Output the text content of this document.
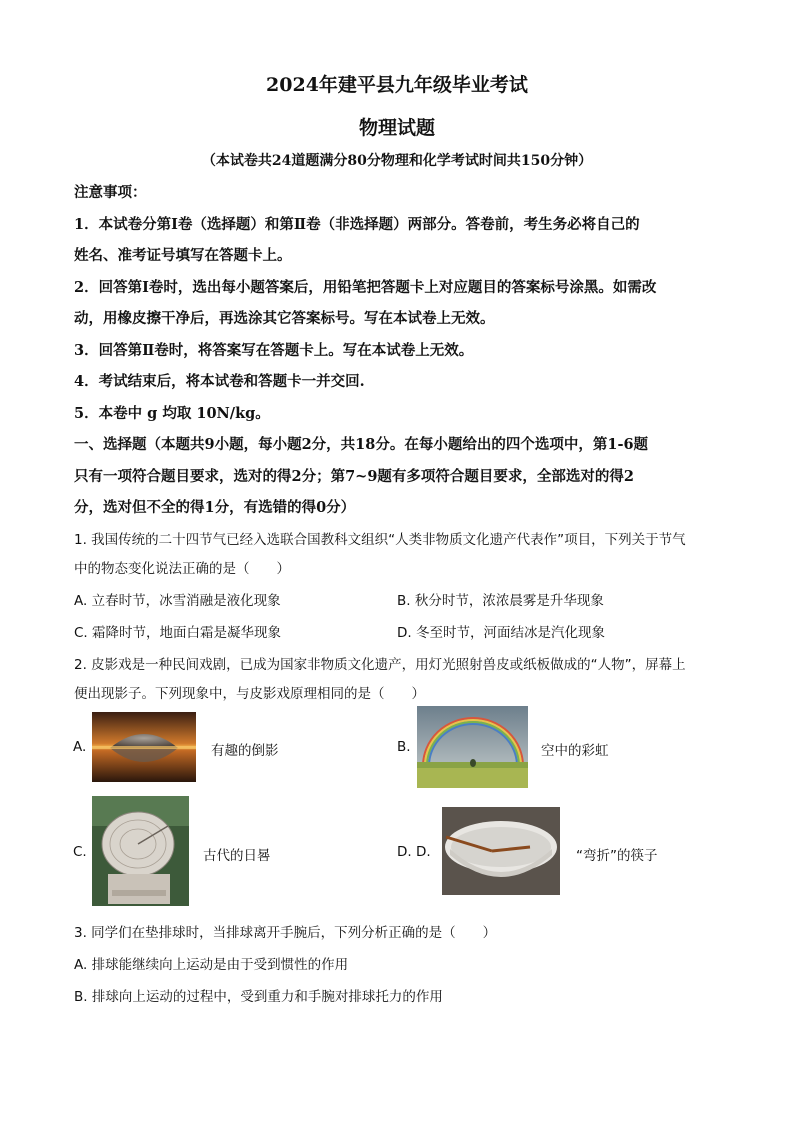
2024年建平县九年级毕业考试
物理试题
（本试卷共24道题满分80分物理和化学考试时间共150分钟）
注意事项：
1．本试卷分第Ⅰ卷（选择题）和第Ⅱ卷（非选择题）两部分。答卷前，考生务必将自己的
姓名、准考证号填写在答题卡上。
2．回答第Ⅰ卷时，选出每小题答案后，用铅笔把答题卡上对应题目的答案标号涂黑。如需改
动，用橡皮擦干净后，再选涂其它答案标号。写在本试卷上无效。
3．回答第Ⅱ卷时，将答案写在答题卡上。写在本试卷上无效。
4．考试结束后，将本试卷和答题卡一并交回.
5．本卷中 g 均取 10N/kg。
一、选择题（本题共9小题，每小题2分，共18分。在每小题给出的四个选项中，第1-6题
只有一项符合题目要求，选对的得2分；第7~9题有多项符合题目要求，全部选对的得2
分，选对但不全的得1分，有选错的得0分）
1. 我国传统的二十四节气已经入选联合国教科文组织“人类非物质文化遗产代表作”项目，下列关于节气
中的物态变化说法正确的是（　　）
A. 立春时节，冰雪消融是液化现象	B. 秋分时节，浓浓晨雾是升华现象
C. 霜降时节，地面白霜是凝华现象	D. 冬至时节，河面结冰是汽化现象
2. 皮影戏是一种民间戏剧，已成为国家非物质文化遗产，用灯光照射兽皮或纸板做成的“人物”，屏幕上
便出现影子。下列现象中，与皮影戏原理相同的是（　　）
A.	有趣的倒影	B.	空中的彩虹
C.	古代的日晷	D. D.	“弯折”的筷子
3. 同学们在垫排球时，当排球离开手腕后，下列分析正确的是（　　）
A. 排球能继续向上运动是由于受到惯性的作用
B. 排球向上运动的过程中，受到重力和手腕对排球托力的作用
